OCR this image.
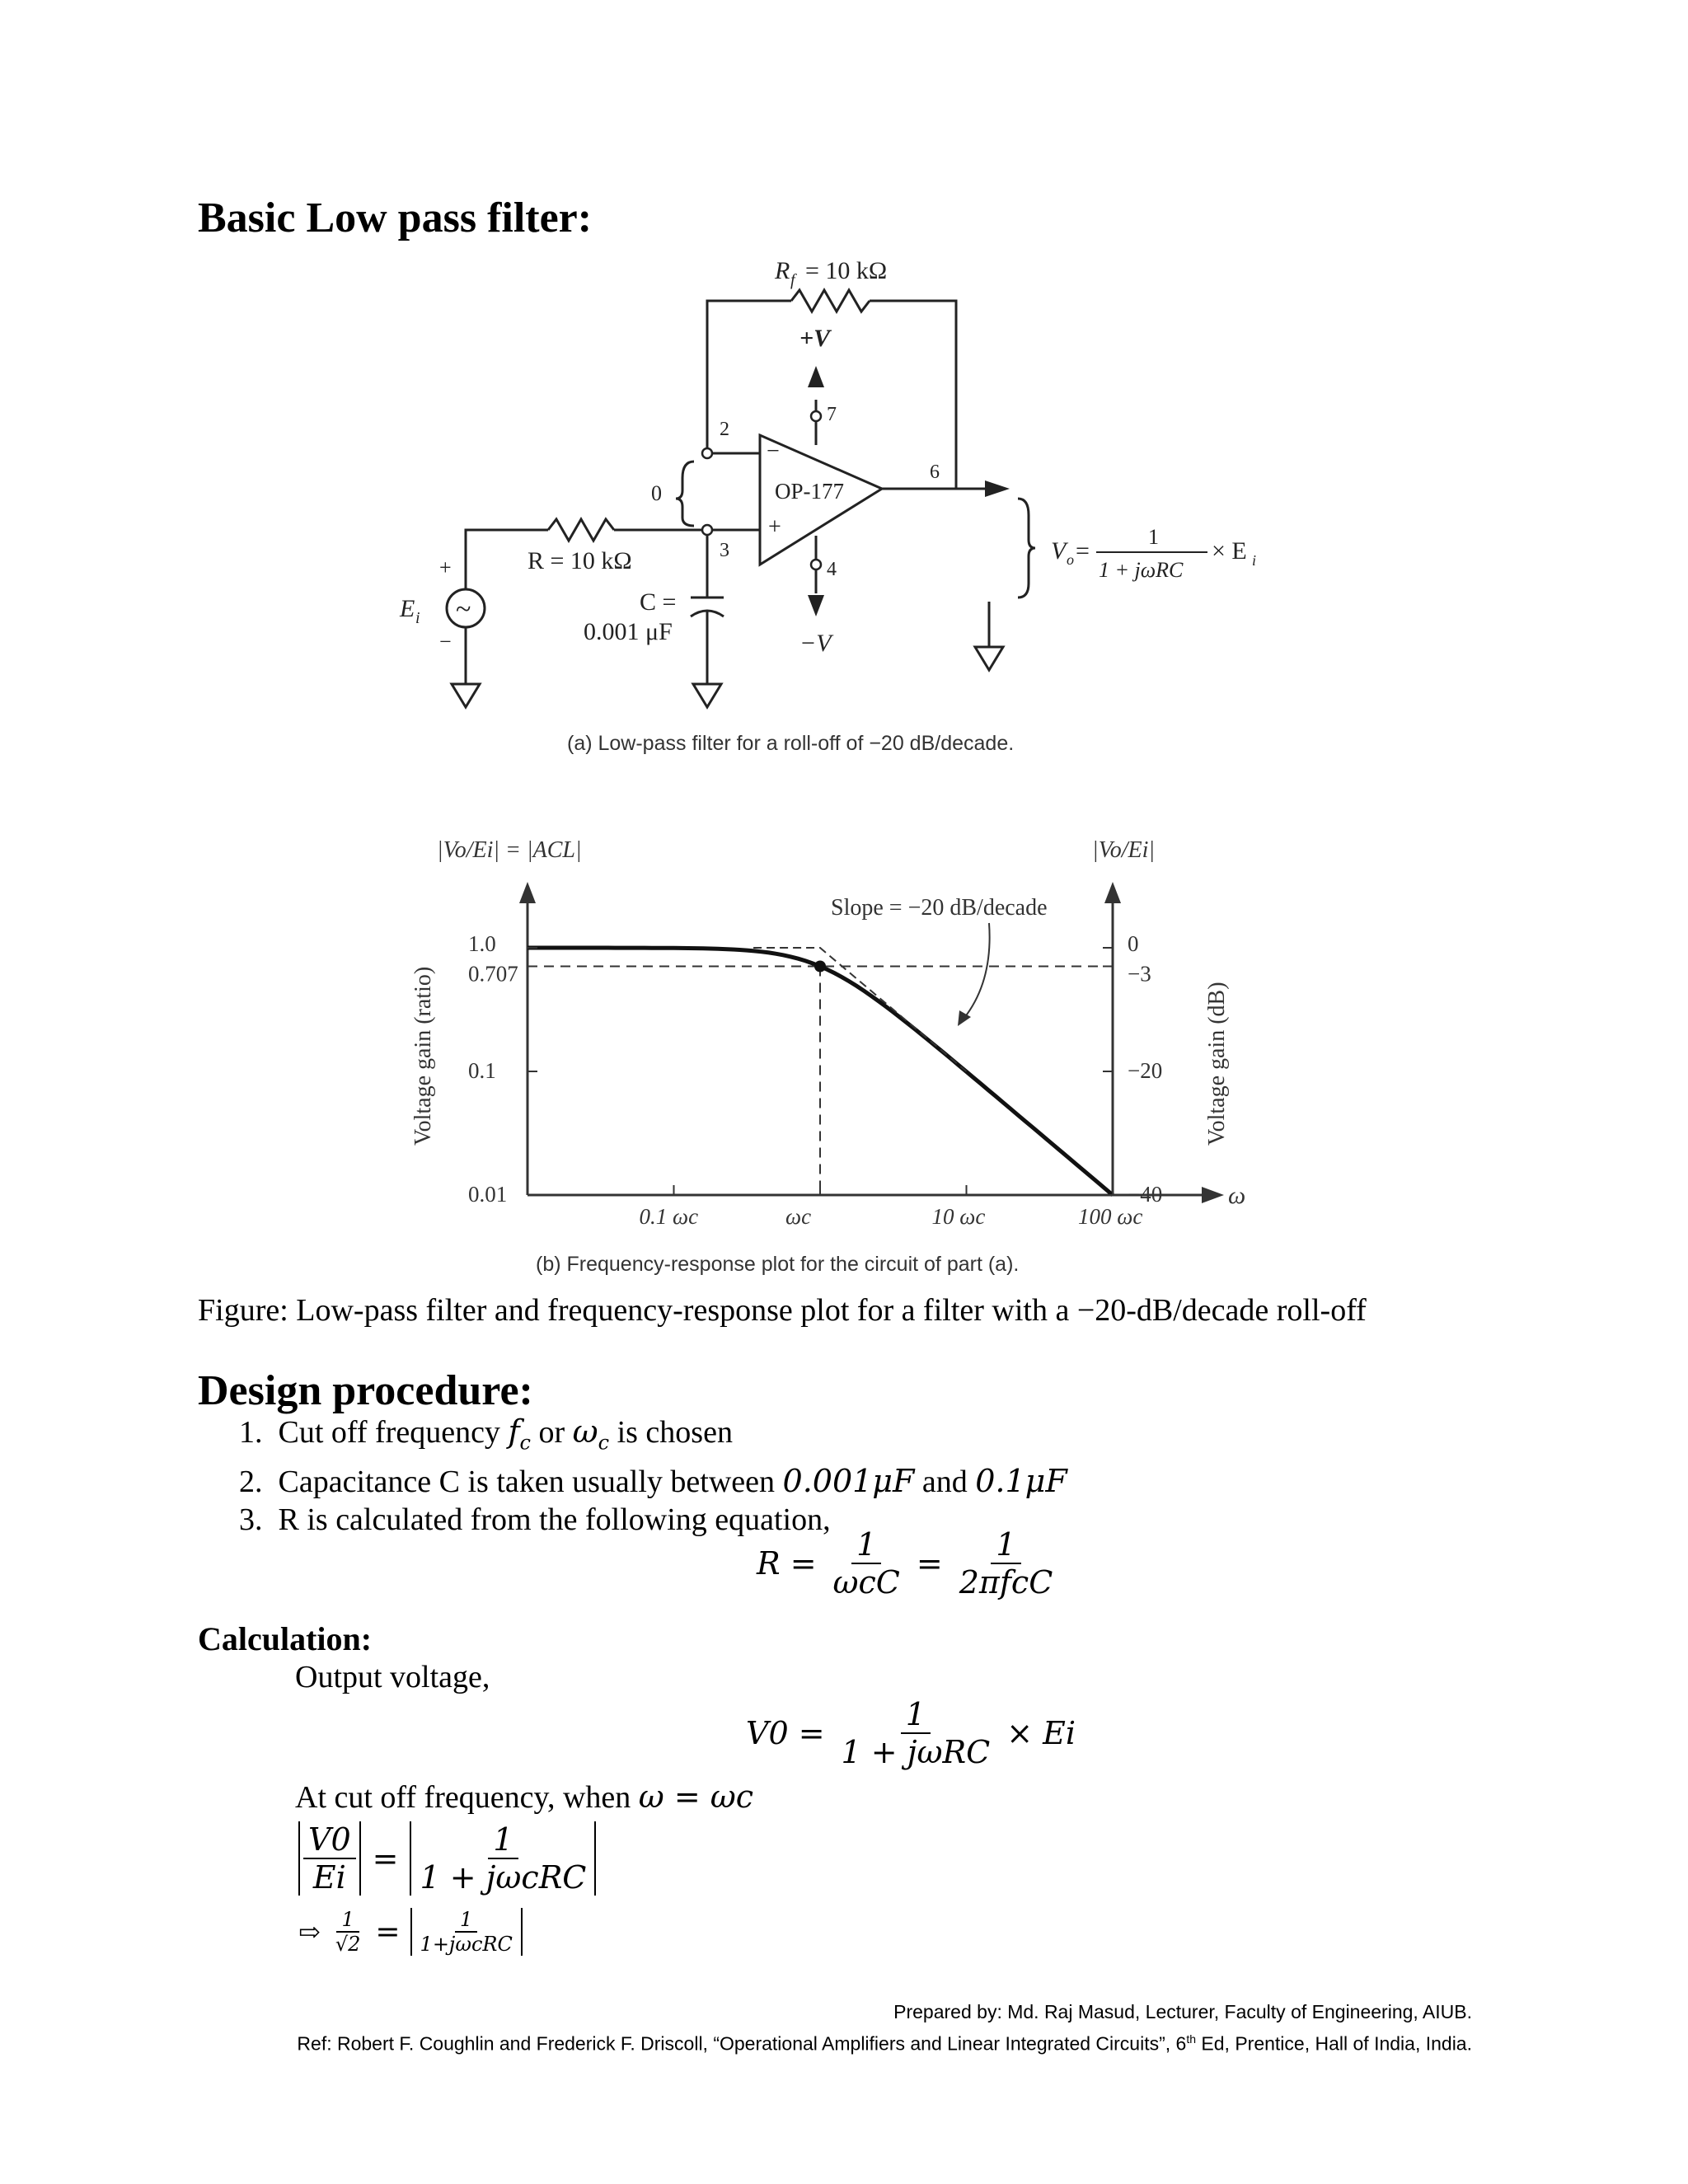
Basic Low pass filter:
R f = 10 kΩ
+V
−V
2
3
4
6
7
0
−
+
OP-177
R = 10 kΩ
C =
0.001 μF
E i
+
−
~
V o =
1
1 + jωRC
× E i
(a) Low-pass filter for a roll-off of −20 dB/decade.
0.1 ωc	ωc	10 ωc	100 ωc
1.0
0.707
0.1
0.01
0
−3
−20
−40
Voltage gain (ratio)	Voltage gain (dB)
|Vo/Ei| = |ACL|	|Vo/Ei|
Slope = −20 dB/decade
ω
(b) Frequency-response plot for the circuit of part (a).
Figure: Low-pass filter and frequency-response plot for a filter with a −20-dB/decade roll-off
Design procedure:
1. Cut off frequency $f_c$ or $\omega_c$ is chosen
2. Capacitance C is taken usually between 0.001μF and 0.1μF
3. R is calculated from the following equation,
$R = \frac{1}{\text{ωcC}} = \frac{1}{\text{2πfcC}}$
Calculation:
Output voltage,
$V0 = \frac{1}{\text{1 + jωRC}} \times Ei$
At cut off frequency, when ω = ωc
$\frac{V0}{Ei} = \frac{1}{\text{1 + jωcRC}}$
⇨ $\frac{1}{√2} = \frac{1}{\text{1+jωcRC}}$
Prepared by: Md. Raj Masud, Lecturer, Faculty of Engineering, AIUB.
Ref: Robert F. Coughlin and Frederick F. Driscoll, “Operational Amplifiers and Linear Integrated Circuits”, 6th Ed, Prentice, Hall of India, India.
